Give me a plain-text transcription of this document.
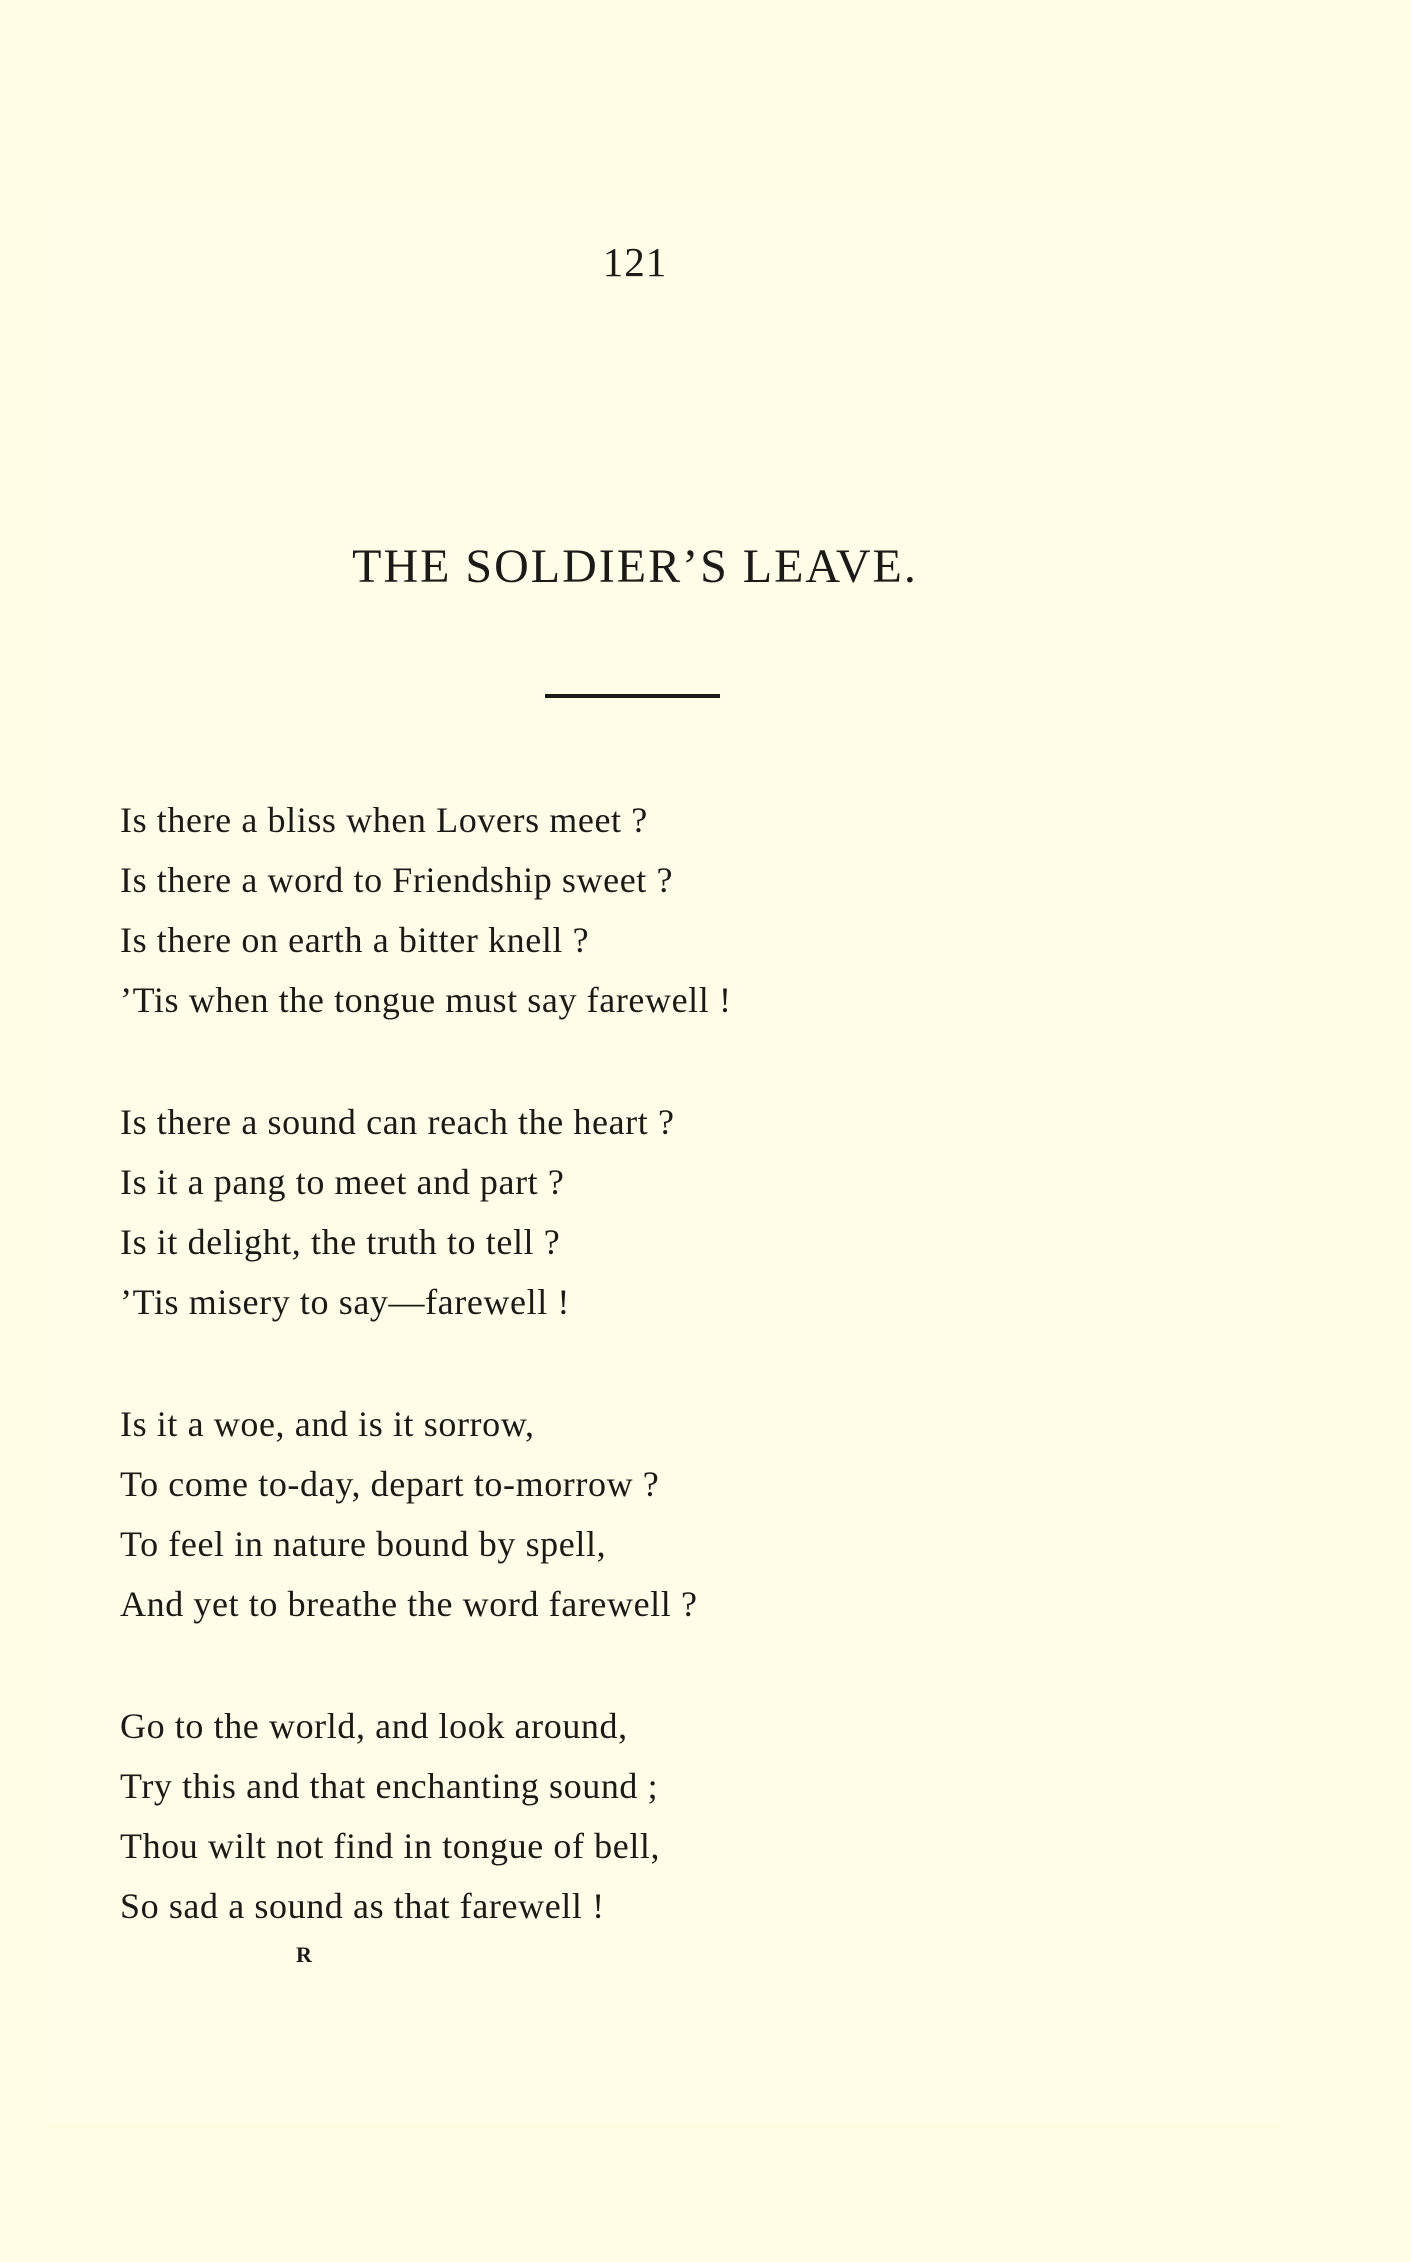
121
THE SOLDIER’S LEAVE.
Is there a bliss when Lovers meet ?
Is there a word to Friendship sweet ?
Is there on earth a bitter knell ?
’Tis when the tongue must say farewell !
Is there a sound can reach the heart ?
Is it a pang to meet and part ?
Is it delight, the truth to tell ?
’Tis misery to say—farewell !
Is it a woe, and is it sorrow,
To come to-day, depart to-morrow ?
To feel in nature bound by spell,
And yet to breathe the word farewell ?
Go to the world, and look around,
Try this and that enchanting sound ;
Thou wilt not find in tongue of bell,
So sad a sound as that farewell !
R
